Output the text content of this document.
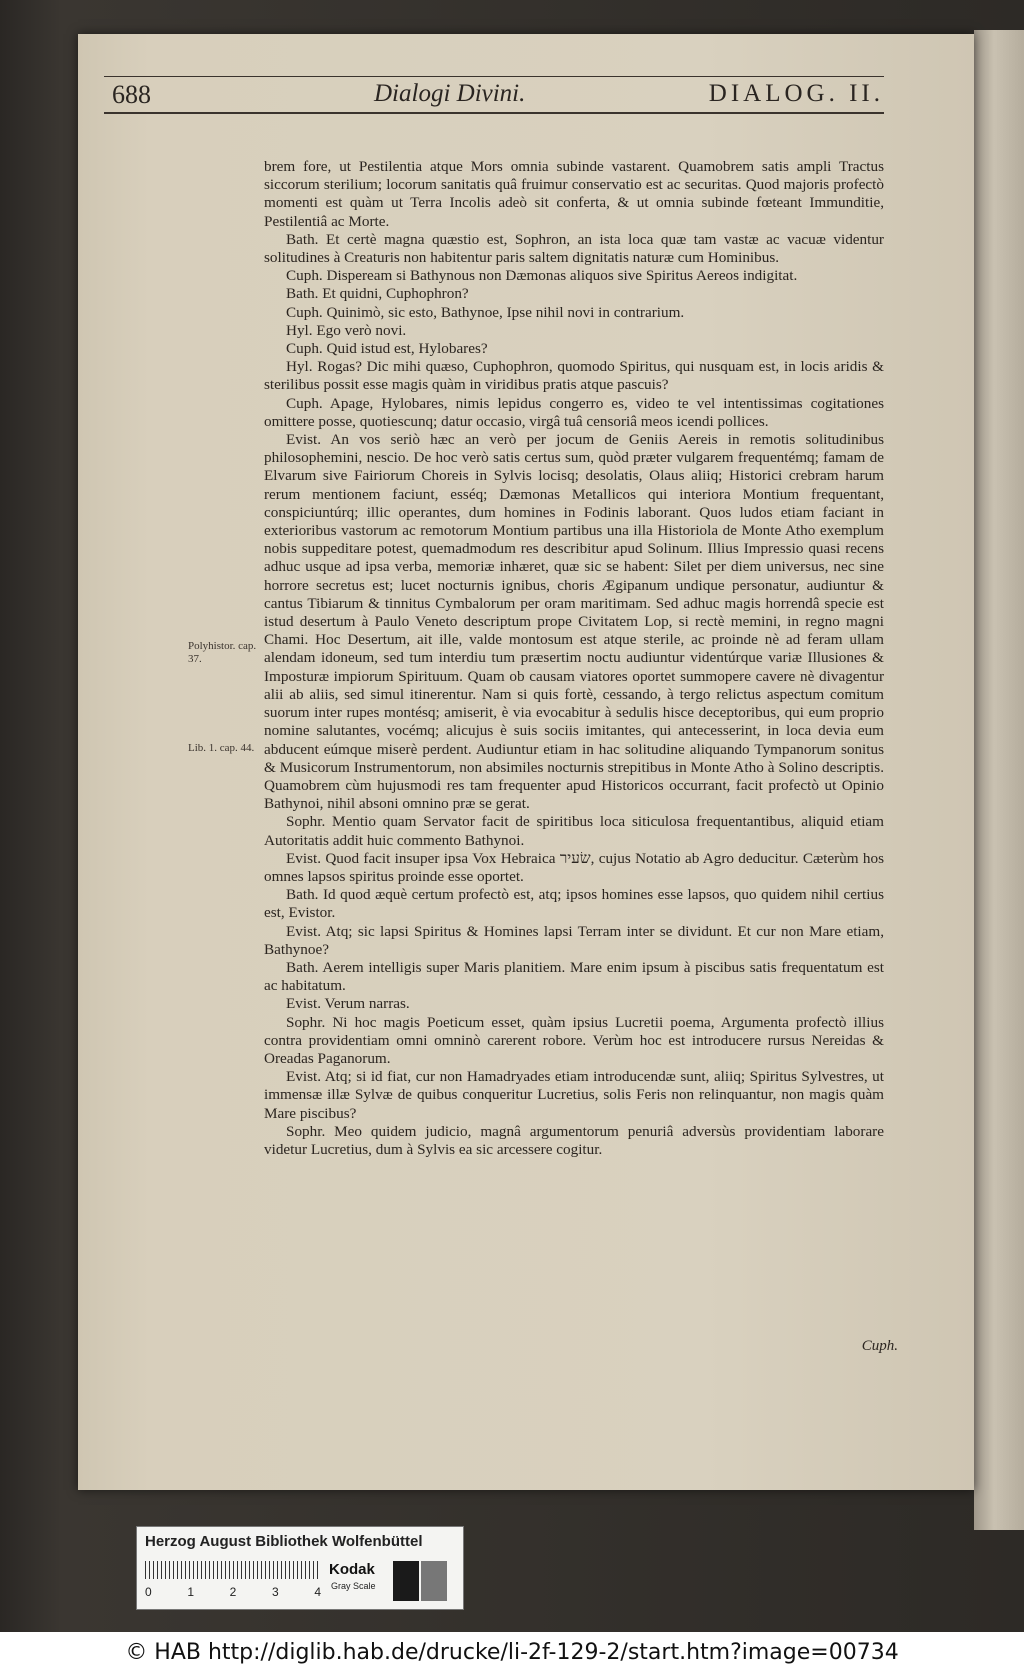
688	Dialogi Divini.	DIALOG. II.
Polyhistor. cap. 37.
Lib. 1. cap. 44.

brem fore, ut Pestilentia atque Mors omnia subinde vastarent. Quamobrem satis ampli Tractus siccorum sterilium; locorum sanitatis quâ fruimur conservatio est ac securitas. Quod majoris profectò momenti est quàm ut Terra Incolis adeò sit conferta, & ut omnia subinde fœteant Immunditie, Pestilentiâ ac Morte.

Bath. Et certè magna quæstio est, Sophron, an ista loca quæ tam vastæ ac vacuæ videntur solitudines à Creaturis non habitentur paris saltem dignitatis naturæ cum Hominibus.

Cuph. Dispeream si Bathynous non Dæmonas aliquos sive Spiritus Aereos indigitat.

Bath. Et quidni, Cuphophron?

Cuph. Quinimò, sic esto, Bathynoe, Ipse nihil novi in contrarium.

Hyl. Ego verò novi.

Cuph. Quid istud est, Hylobares?

Hyl. Rogas? Dic mihi quæso, Cuphophron, quomodo Spiritus, qui nusquam est, in locis aridis & sterilibus possit esse magis quàm in viridibus pratis atque pascuis?

Cuph. Apage, Hylobares, nimis lepidus congerro es, video te vel intentissimas cogitationes omittere posse, quotiescunq; datur occasio, virgâ tuâ censoriâ meos icendi pollices.

Evist. An vos seriò hæc an verò per jocum de Geniis Aereis in remotis solitudinibus philosophemini, nescio. De hoc verò satis certus sum, quòd præter vulgarem frequentémq; famam de Elvarum sive Fairiorum Choreis in Sylvis locisq; desolatis, Olaus aliiq; Historici crebram harum rerum mentionem faciunt, esséq; Dæmonas Metallicos qui interiora Montium frequentant, conspiciuntúrq; illic operantes, dum homines in Fodinis laborant. Quos ludos etiam faciant in exterioribus vastorum ac remotorum Montium partibus una illa Historiola de Monte Atho exemplum nobis suppeditare potest, quemadmodum res describitur apud Solinum. Illius Impressio quasi recens adhuc usque ad ipsa verba, memoriæ inhæret, quæ sic se habent: Silet per diem universus, nec sine horrore secretus est; lucet nocturnis ignibus, choris Ægipanum undique personatur, audiuntur & cantus Tibiarum & tinnitus Cymbalorum per oram maritimam. Sed adhuc magis horrendâ specie est istud desertum à Paulo Veneto descriptum prope Civitatem Lop, si rectè memini, in regno magni Chami. Hoc Desertum, ait ille, valde montosum est atque sterile, ac proinde nè ad feram ullam alendam idoneum, sed tum interdiu tum præsertim noctu audiuntur videntúrque variæ Illusiones & Imposturæ impiorum Spirituum. Quam ob causam viatores oportet summopere cavere nè divagentur alii ab aliis, sed simul itinerentur. Nam si quis fortè, cessando, à tergo relictus aspectum comitum suorum inter rupes montésq; amiserit, è via evocabitur à sedulis hisce deceptoribus, qui eum proprio nomine salutantes, vocémq; alicujus è suis sociis imitantes, qui antecesserint, in loca devia eum abducent eúmque miserè perdent. Audiuntur etiam in hac solitudine aliquando Tympanorum sonitus & Musicorum Instrumentorum, non absimiles nocturnis strepitibus in Monte Atho à Solino descriptis. Quamobrem cùm hujusmodi res tam frequenter apud Historicos occurrant, facit profectò ut Opinio Bathynoi, nihil absoni omnino præ se gerat.

Sophr. Mentio quam Servator facit de spiritibus loca siticulosa frequentantibus, aliquid etiam Autoritatis addit huic commento Bathynoi.

Evist. Quod facit insuper ipsa Vox Hebraica שׂעיר, cujus Notatio ab Agro deducitur. Cæterùm hos omnes lapsos spiritus proinde esse oportet.

Bath. Id quod æquè certum profectò est, atq; ipsos homines esse lapsos, quo quidem nihil certius est, Evistor.

Evist. Atq; sic lapsi Spiritus & Homines lapsi Terram inter se dividunt. Et cur non Mare etiam, Bathynoe?

Bath. Aerem intelligis super Maris planitiem. Mare enim ipsum à piscibus satis frequentatum est ac habitatum.

Evist. Verum narras.

Sophr. Ni hoc magis Poeticum esset, quàm ipsius Lucretii poema, Argumenta profectò illius contra providentiam omni omninò carerent robore. Verùm hoc est introducere rursus Nereidas & Oreadas Paganorum.

Evist. Atq; si id fiat, cur non Hamadryades etiam introducendæ sunt, aliiq; Spiritus Sylvestres, ut immensæ illæ Sylvæ de quibus conqueritur Lucretius, solis Feris non relinquantur, non magis quàm Mare piscibus?

Sophr. Meo quidem judicio, magnâ argumentorum penuriâ adversùs providentiam laborare videtur Lucretius, dum à Sylvis ea sic arcessere cogitur.

Cuph.
Herzog August Bibliothek Wolfenbüttel
0	1	2	3	4
Kodak
Gray Scale
© HAB http://diglib.hab.de/drucke/li-2f-129-2/start.htm?image=00734
